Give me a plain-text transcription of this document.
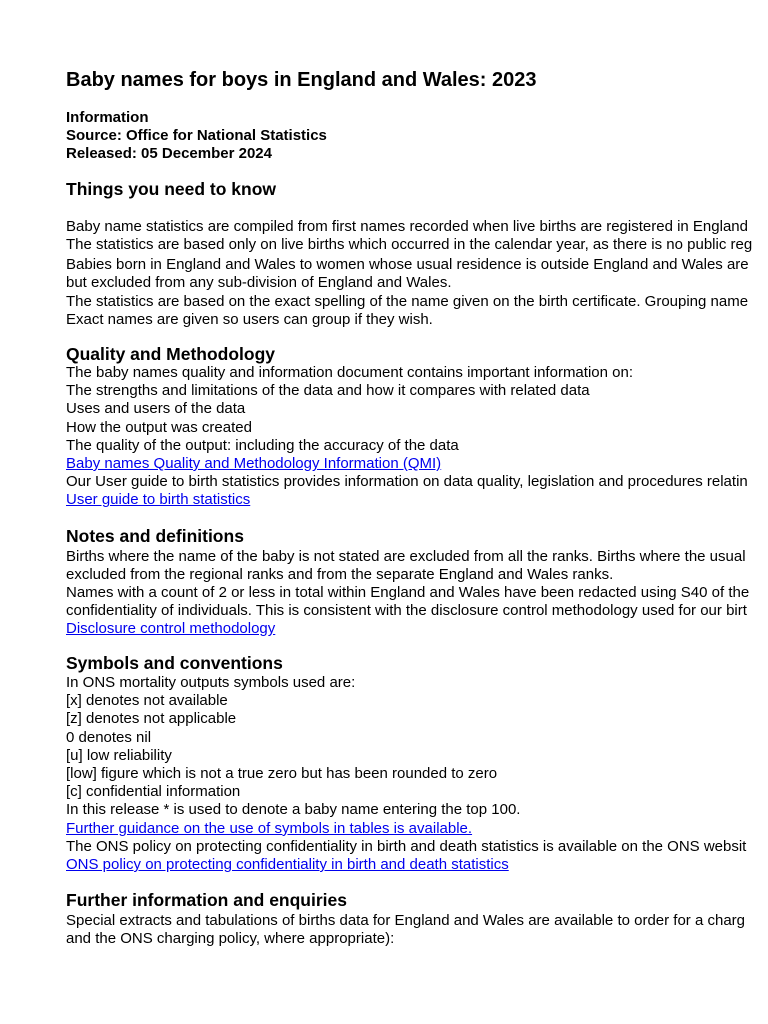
Baby names for boys in England and Wales: 2023
Information
Source: Office for National Statistics
Released: 05 December 2024
Things you need to know
Baby name statistics are compiled from first names recorded when live births are registered in England
The statistics are based only on live births which occurred in the calendar year, as there is no public reg
Babies born in England and Wales to women whose usual residence is outside England and Wales are
but excluded from any sub-division of England and Wales.
The statistics are based on the exact spelling of the name given on the birth certificate. Grouping name
Exact names are given so users can group if they wish.
Quality and Methodology
The baby names quality and information document contains important information on:
The strengths and limitations of the data and how it compares with related data
Uses and users of the data
How the output was created
The quality of the output: including the accuracy of the data
Baby names Quality and Methodology Information (QMI)
Our User guide to birth statistics provides information on data quality, legislation and procedures relatin
User guide to birth statistics
Notes and definitions
Births where the name of the baby is not stated are excluded from all the ranks. Births where the usual
excluded from the regional ranks and from the separate England and Wales ranks.
Names with a count of 2 or less in total within England and Wales have been redacted using S40 of the
confidentiality of individuals. This is consistent with the disclosure control methodology used for our birt
Disclosure control methodology
Symbols and conventions
In ONS mortality outputs symbols used are:
[x] denotes not available
[z] denotes not applicable
0 denotes nil
[u] low reliability
[low] figure which is not a true zero but has been rounded to zero
[c] confidential information
In this release * is used to denote a baby name entering the top 100.
Further guidance on the use of symbols in tables is available.
The ONS policy on protecting confidentiality in birth and death statistics is available on the ONS websit
ONS policy on protecting confidentiality in birth and death statistics
Further information and enquiries
Special extracts and tabulations of births data for England and Wales are available to order for a charg
and the ONS charging policy, where appropriate):
